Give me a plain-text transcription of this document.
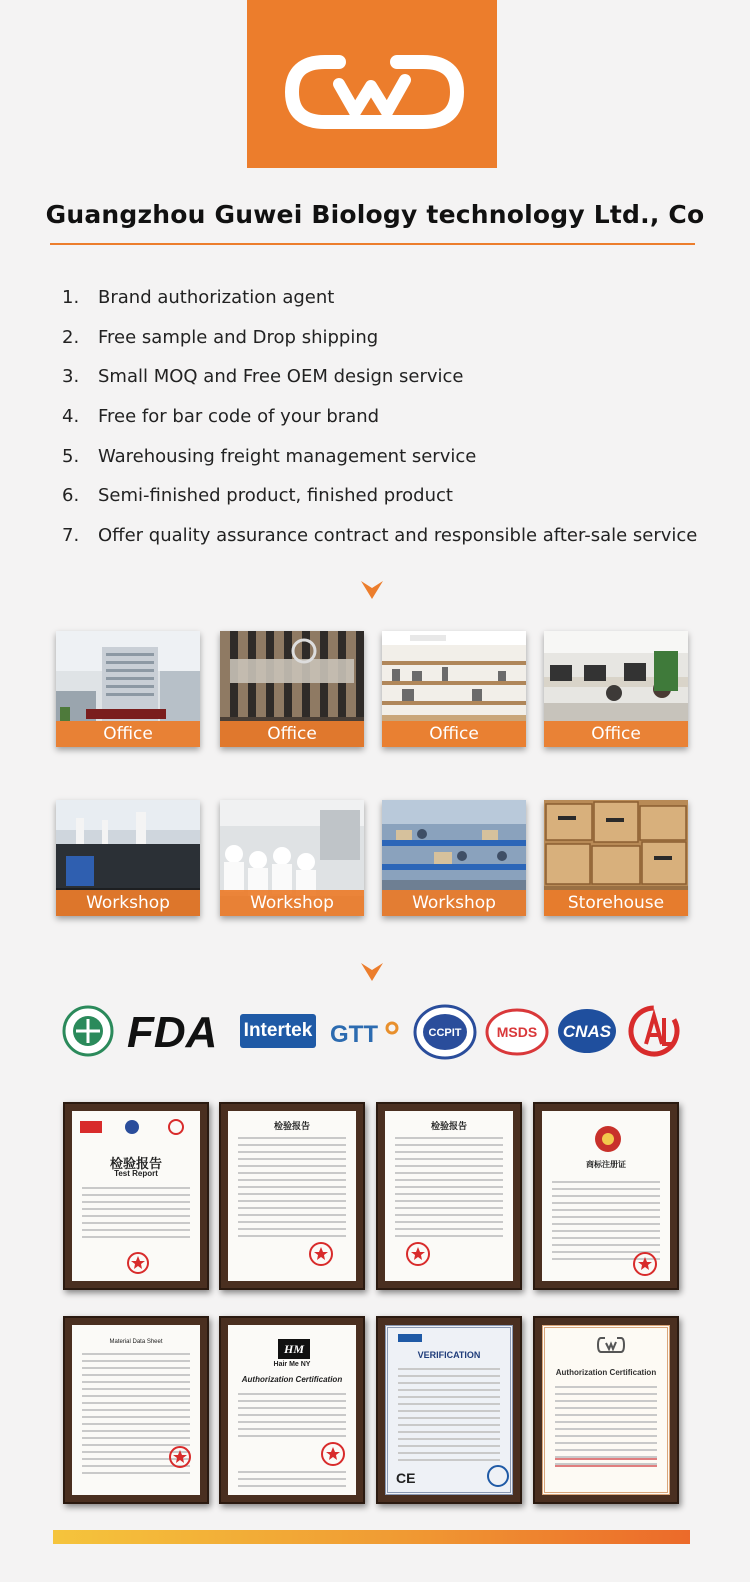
Guangzhou Guwei Biology technology Ltd., Co
1.	Brand authorization agent
2.	Free sample and Drop shipping
3.	Small MOQ and Free OEM design service
4.	Free for bar code of your brand
5.	Warehousing freight management service
6.	Semi-finished product, finished product
7.	Offer quality assurance contract and responsible after-sale service
Office	Office	Office	Office
Workshop	Workshop	Workshop	Storehouse
FDA Intertek GTT	CCPIT	MSDS CNAS
检验报告
Test Report
检验报告	检验报告
商标注册证
Material Data Sheet	HM
Hair Me NY
Authorization Certification
VERIFICATION
CE
Authorization Certification
